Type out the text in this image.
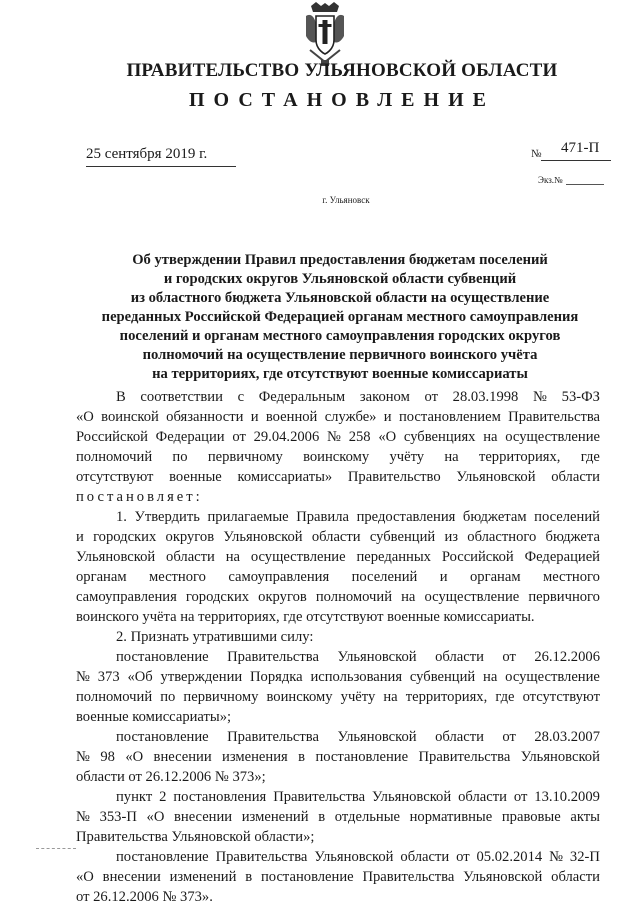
ПРАВИТЕЛЬСТВО УЛЬЯНОВСКОЙ ОБЛАСТИ
ПОСТАНОВЛЕНИЕ
25 сентября 2019 г.	№ 471-П
Экз.№
г. Ульяновск
Об утверждении Правил предоставления бюджетам поселений
и городских округов Ульяновской области субвенций
из областного бюджета Ульяновской области на осуществление
переданных Российской Федерацией органам местного самоуправления
поселений и органам местного самоуправления городских округов
полномочий на осуществление первичного воинского учёта
на территориях, где отсутствуют военные комиссариаты
В соответствии с Федеральным законом от 28.03.1998 № 53-ФЗ
«О воинской обязанности и военной службе» и постановлением Правительства
Российской Федерации от 29.04.2006 № 258 «О субвенциях на осуществление
полномочий по первичному воинскому учёту на территориях, где
отсутствуют военные комиссариаты» Правительство Ульяновской области
постановляет:
1. Утвердить прилагаемые Правила предоставления бюджетам поселений
и городских округов Ульяновской области субвенций из областного бюджета
Ульяновской области на осуществление переданных Российской Федерацией
органам местного самоуправления поселений и органам местного
самоуправления городских округов полномочий на осуществление первичного
воинского учёта на территориях, где отсутствуют военные комиссариаты.
2. Признать утратившими силу:
постановление Правительства Ульяновской области от 26.12.2006
№ 373 «Об утверждении Порядка использования субвенций на осуществление
полномочий по первичному воинскому учёту на территориях, где отсутствуют
военные комиссариаты»;
постановление Правительства Ульяновской области от 28.03.2007
№ 98 «О внесении изменения в постановление Правительства Ульяновской
области от 26.12.2006 № 373»;
пункт 2 постановления Правительства Ульяновской области от 13.10.2009
№ 353-П «О внесении изменений в отдельные нормативные правовые акты
Правительства Ульяновской области»;
постановление Правительства Ульяновской области от 05.02.2014 № 32-П
«О внесении изменений в постановление Правительства Ульяновской области
от 26.12.2006 № 373».
